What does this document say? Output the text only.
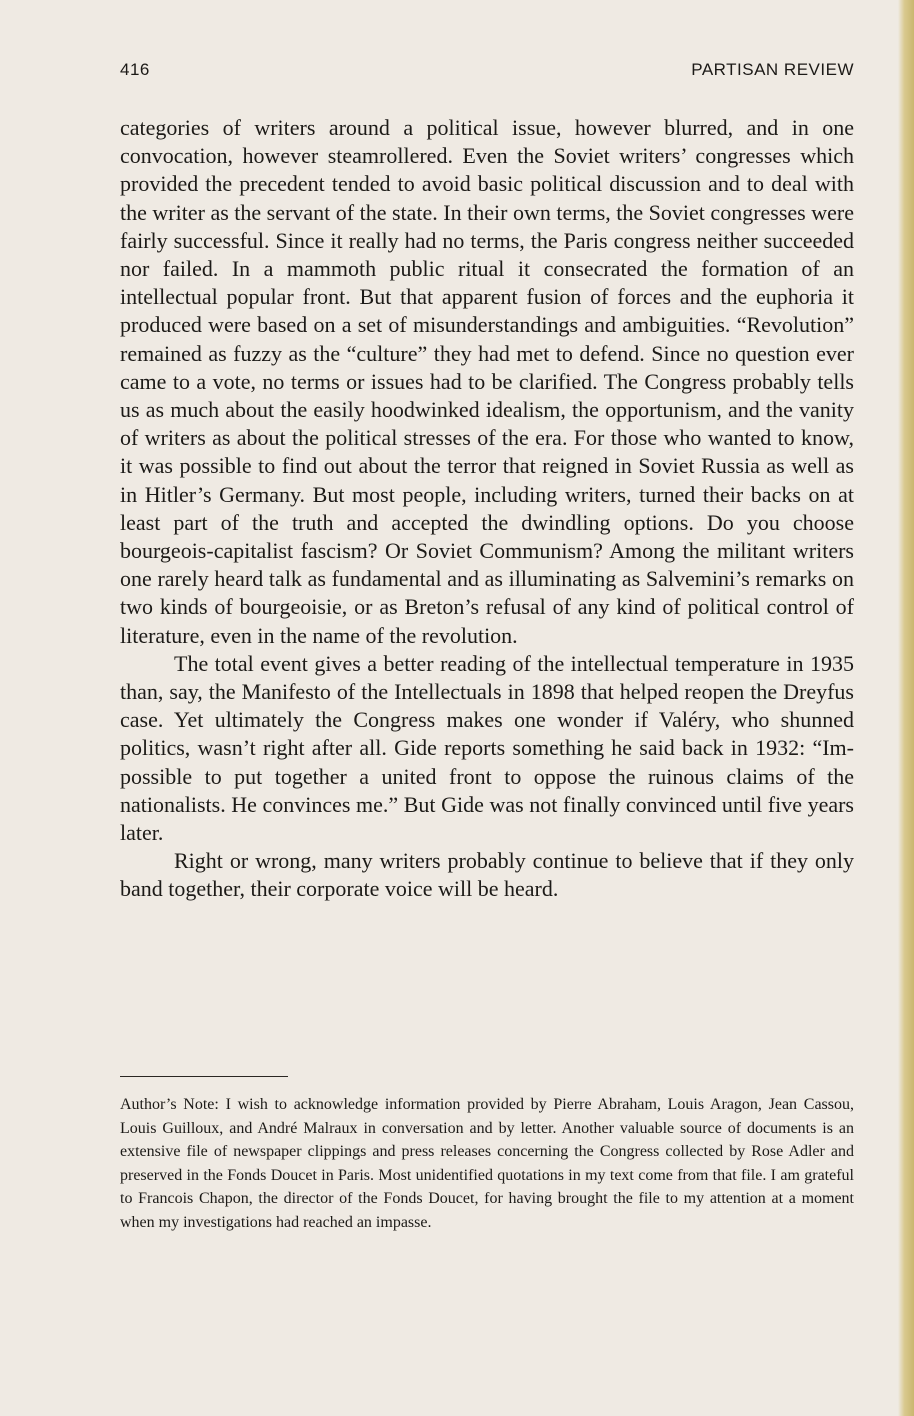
416	PARTISAN REVIEW

categories of writers around a political issue, however blurred, and in one convocation, however steamrollered. Even the Soviet writers’ congresses which provided the precedent tended to avoid basic political discussion and to deal with the writer as the servant of the state. In their own terms, the Soviet congresses were fairly successful. Since it really had no terms, the Paris congress neither succeeded nor failed. In a mammoth public ritual it consecrated the formation of an intellectual popular front. But that apparent fusion of forces and the euphoria it produced were based on a set of misunderstandings and ambiguities. “Revolution” remained as fuzzy as the “culture” they had met to defend. Since no question ever came to a vote, no terms or issues had to be clarified. The Congress probably tells us as much about the easily hoodwinked idealism, the opportunism, and the vanity of writers as about the political stresses of the era. For those who wanted to know, it was possible to find out about the terror that reigned in Soviet Russia as well as in Hitler’s Germany. But most people, including writers, turned their backs on at least part of the truth and accepted the dwindling options. Do you choose bourgeois-capitalist fascism? Or Soviet Communism? Among the militant writers one rarely heard talk as fundamental and as illuminating as Salvemini’s remarks on two kinds of bourgeoisie, or as Breton’s refusal of any kind of political control of literature, even in the name of the revolution.

The total event gives a better reading of the intellectual temperature in 1935 than, say, the Manifesto of the Intellectuals in 1898 that helped reopen the Dreyfus case. Yet ultimately the Congress makes one wonder if Valéry, who shunned politics, wasn’t right after all. Gide reports something he said back in 1932: “Impossible to put together a united front to oppose the ruinous claims of the nationalists. He convinces me.” But Gide was not finally convinced until five years later.

Right or wrong, many writers probably continue to believe that if they only band together, their corporate voice will be heard.

Author’s Note: I wish to acknowledge information provided by Pierre Abraham, Louis Aragon, Jean Cassou, Louis Guilloux, and André Malraux in conversation and by letter. Another valuable source of documents is an extensive file of newspaper clippings and press releases concerning the Congress collected by Rose Adler and preserved in the Fonds Doucet in Paris. Most unidentified quotations in my text come from that file. I am grateful to Francois Chapon, the director of the Fonds Doucet, for having brought the file to my attention at a moment when my investigations had reached an impasse.
